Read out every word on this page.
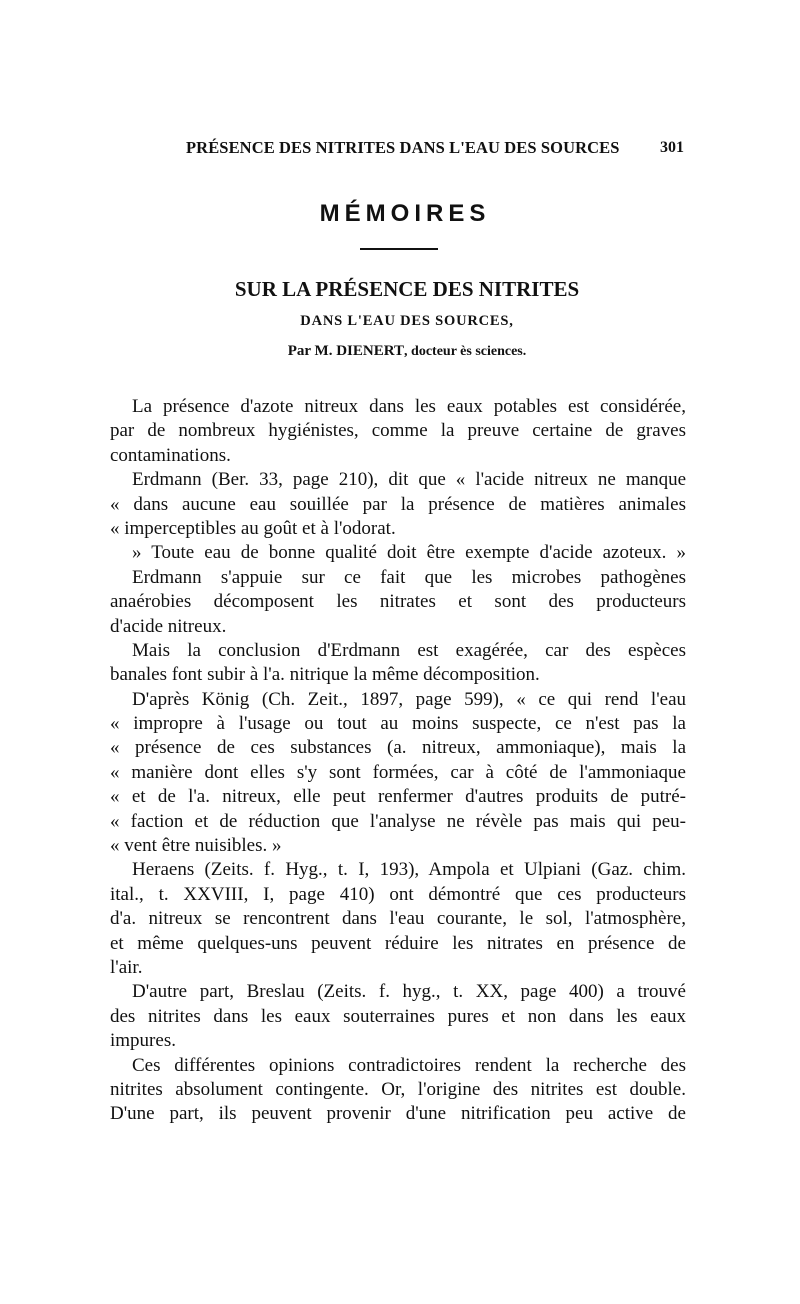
PRÉSENCE DES NITRITES DANS L'EAU DES SOURCES	301
MÉMOIRES
SUR LA PRÉSENCE DES NITRITES
DANS L'EAU DES SOURCES,
Par M. DIENERT, docteur ès sciences.
La présence d'azote nitreux dans les eaux potables est considérée,
par de nombreux hygiénistes, comme la preuve certaine de graves
contaminations.
Erdmann (Ber. 33, page 210), dit que « l'acide nitreux ne manque
« dans aucune eau souillée par la présence de matières animales
« imperceptibles au goût et à l'odorat.
» Toute eau de bonne qualité doit être exempte d'acide azoteux. »
Erdmann s'appuie sur ce fait que les microbes pathogènes
anaérobies décomposent les nitrates et sont des producteurs
d'acide nitreux.
Mais la conclusion d'Erdmann est exagérée, car des espèces
banales font subir à l'a. nitrique la même décomposition.
D'après König (Ch. Zeit., 1897, page 599), « ce qui rend l'eau
« impropre à l'usage ou tout au moins suspecte, ce n'est pas la
« présence de ces substances (a. nitreux, ammoniaque), mais la
« manière dont elles s'y sont formées, car à côté de l'ammoniaque
« et de l'a. nitreux, elle peut renfermer d'autres produits de putré-
« faction et de réduction que l'analyse ne révèle pas mais qui peu-
« vent être nuisibles. »
Heraens (Zeits. f. Hyg., t. I, 193), Ampola et Ulpiani (Gaz. chim.
ital., t. XXVIII, I, page 410) ont démontré que ces producteurs
d'a. nitreux se rencontrent dans l'eau courante, le sol, l'atmosphère,
et même quelques-uns peuvent réduire les nitrates en présence de
l'air.
D'autre part, Breslau (Zeits. f. hyg., t. XX, page 400) a trouvé
des nitrites dans les eaux souterraines pures et non dans les eaux
impures.
Ces différentes opinions contradictoires rendent la recherche des
nitrites absolument contingente. Or, l'origine des nitrites est double.
D'une part, ils peuvent provenir d'une nitrification peu active de
